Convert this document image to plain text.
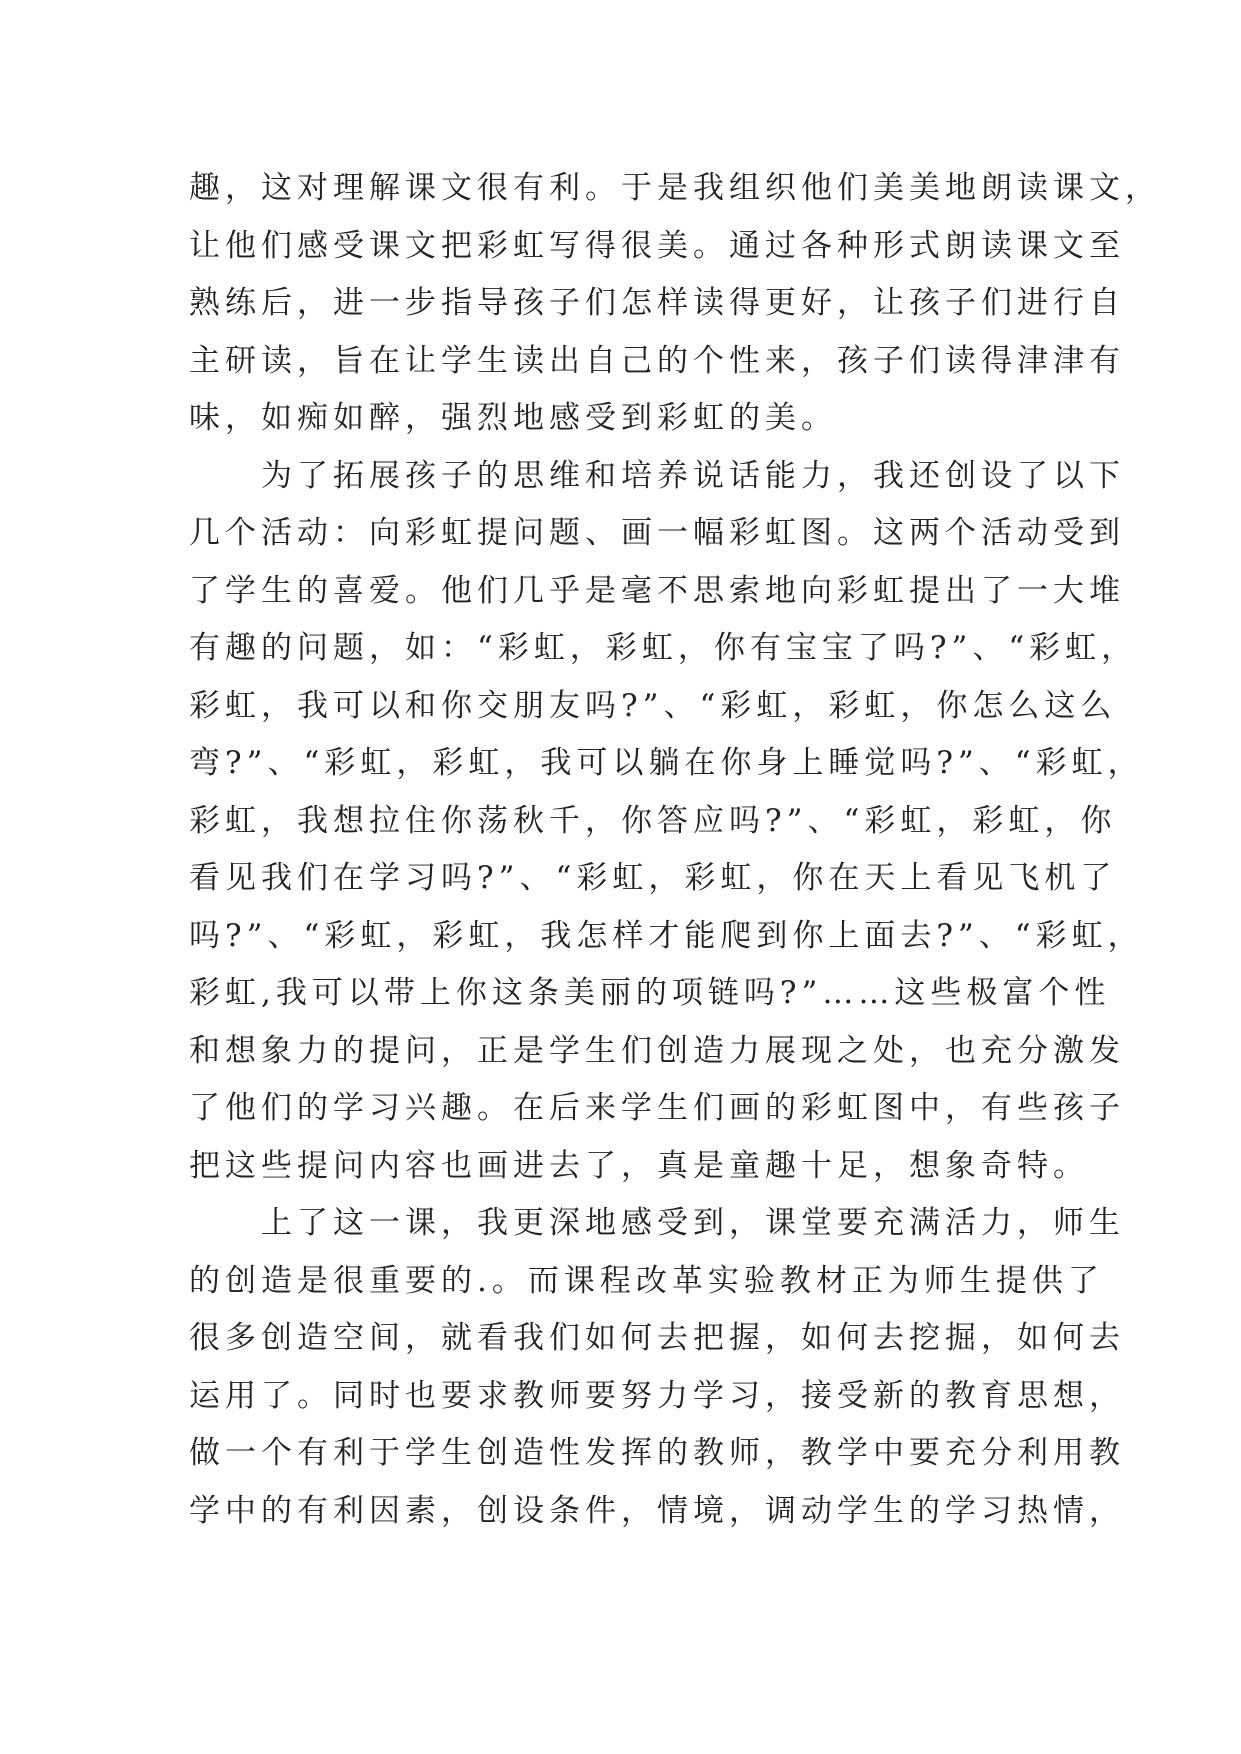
趣，这对理解课文很有利。于是我组织他们美美地朗读课文，
让他们感受课文把彩虹写得很美。通过各种形式朗读课文至
熟练后，进一步指导孩子们怎样读得更好，让孩子们进行自
主研读，旨在让学生读出自己的个性来，孩子们读得津津有
味，如痴如醉，强烈地感受到彩虹的美。
　　为了拓展孩子的思维和培养说话能力，我还创设了以下
几个活动：向彩虹提问题、画一幅彩虹图。这两个活动受到
了学生的喜爱。他们几乎是毫不思索地向彩虹提出了一大堆
有趣的问题，如：“彩虹，彩虹，你有宝宝了吗?”、“彩虹，
彩虹，我可以和你交朋友吗?”、“彩虹，彩虹，你怎么这么
弯?”、“彩虹，彩虹，我可以躺在你身上睡觉吗?”、“彩虹，
彩虹，我想拉住你荡秋千，你答应吗?”、“彩虹，彩虹，你
看见我们在学习吗?”、“彩虹，彩虹，你在天上看见飞机了
吗?”、“彩虹，彩虹，我怎样才能爬到你上面去?”、“彩虹，
彩虹,我可以带上你这条美丽的项链吗?”……这些极富个性
和想象力的提问，正是学生们创造力展现之处，也充分激发
了他们的学习兴趣。在后来学生们画的彩虹图中，有些孩子
把这些提问内容也画进去了，真是童趣十足，想象奇特。
　　上了这一课，我更深地感受到，课堂要充满活力，师生
的创造是很重要的.。而课程改革实验教材正为师生提供了
很多创造空间，就看我们如何去把握，如何去挖掘，如何去
运用了。同时也要求教师要努力学习，接受新的教育思想，
做一个有利于学生创造性发挥的教师，教学中要充分利用教
学中的有利因素，创设条件，情境，调动学生的学习热情，
